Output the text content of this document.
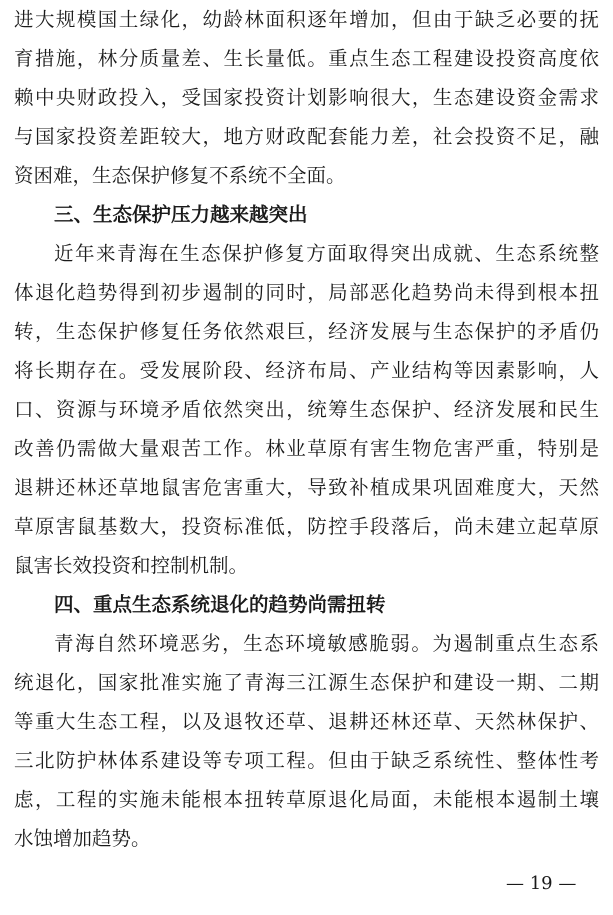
进大规模国土绿化，幼龄林面积逐年增加，但由于缺乏必要的抚
育措施，林分质量差、生长量低。重点生态工程建设投资高度依
赖中央财政投入，受国家投资计划影响很大，生态建设资金需求
与国家投资差距较大，地方财政配套能力差，社会投资不足，融
资困难，生态保护修复不系统不全面。
三、生态保护压力越来越突出
近年来青海在生态保护修复方面取得突出成就、生态系统整
体退化趋势得到初步遏制的同时，局部恶化趋势尚未得到根本扭
转，生态保护修复任务依然艰巨，经济发展与生态保护的矛盾仍
将长期存在。受发展阶段、经济布局、产业结构等因素影响，人
口、资源与环境矛盾依然突出，统筹生态保护、经济发展和民生
改善仍需做大量艰苦工作。林业草原有害生物危害严重，特别是
退耕还林还草地鼠害危害重大，导致补植成果巩固难度大，天然
草原害鼠基数大，投资标准低，防控手段落后，尚未建立起草原
鼠害长效投资和控制机制。
四、重点生态系统退化的趋势尚需扭转
青海自然环境恶劣，生态环境敏感脆弱。为遏制重点生态系
统退化，国家批准实施了青海三江源生态保护和建设一期、二期
等重大生态工程，以及退牧还草、退耕还林还草、天然林保护、
三北防护林体系建设等专项工程。但由于缺乏系统性、整体性考
虑，工程的实施未能根本扭转草原退化局面，未能根本遏制土壤
水蚀增加趋势。
— 19 —
